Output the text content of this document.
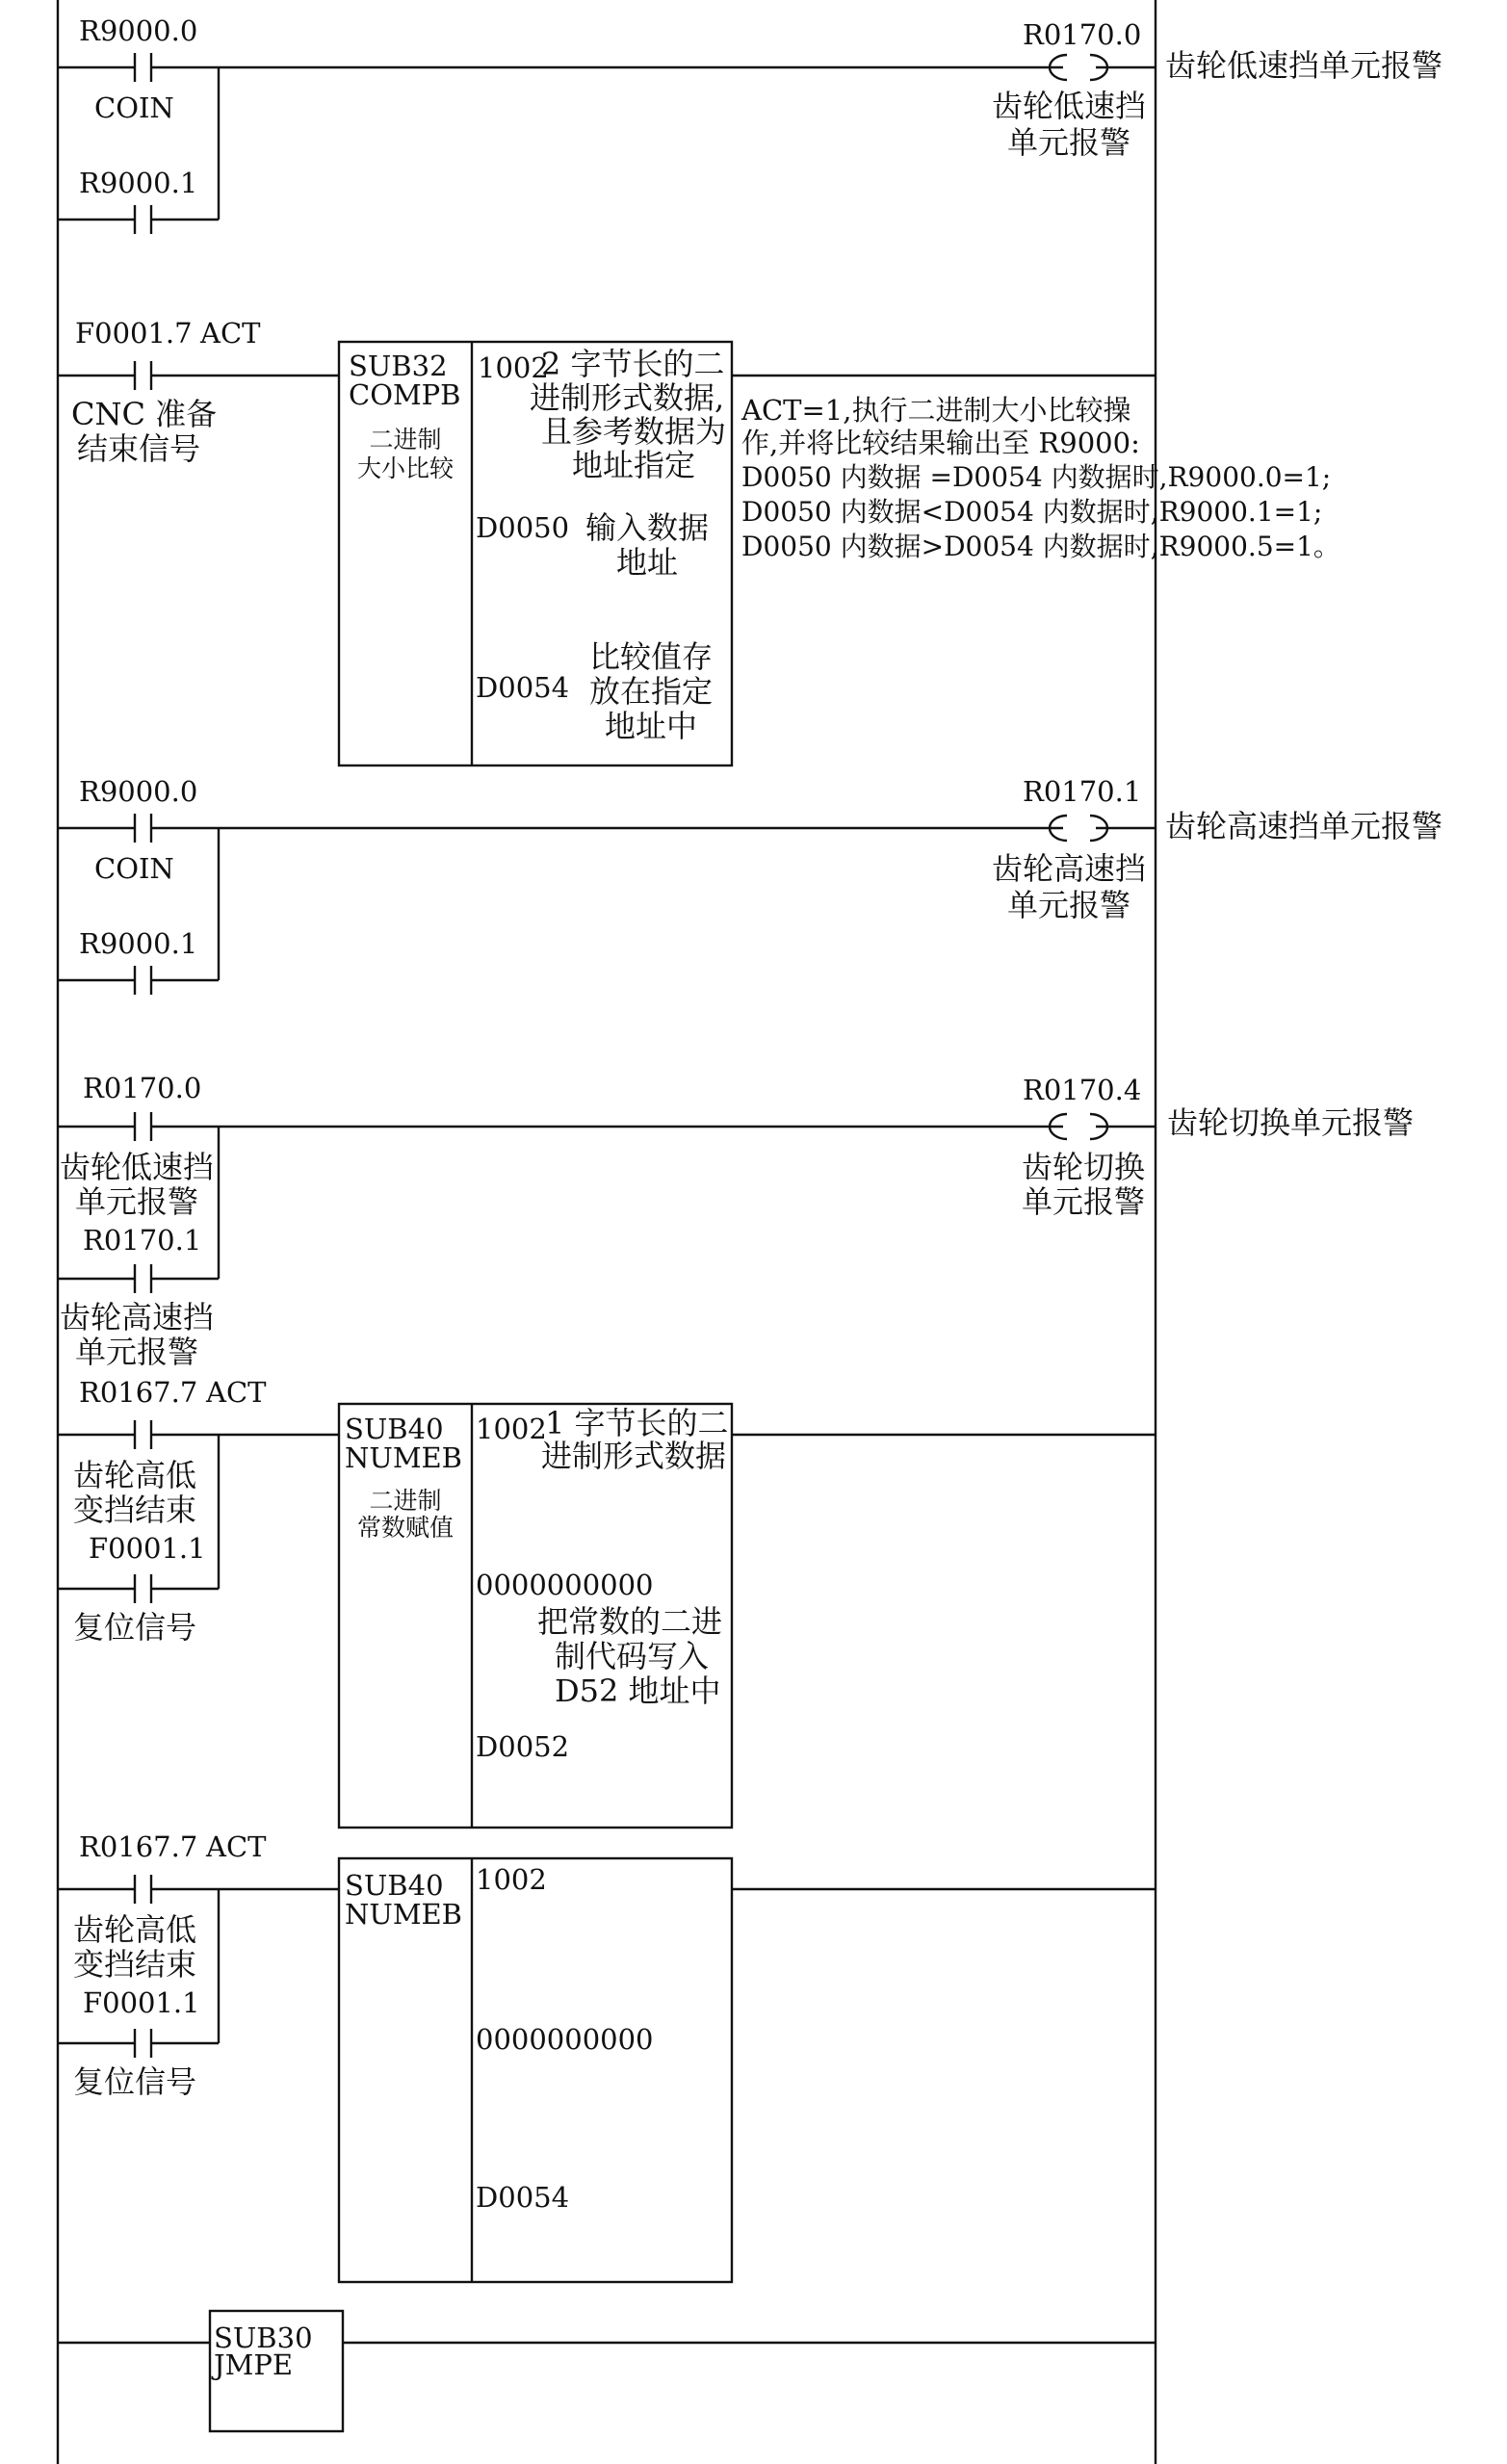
R9000.0
COIN
R9000.1
R0170.0
齿轮低速挡
单元报警
齿轮低速挡单元报警
F0001.7 ACT
CNC 准备
结束信号
SUB32
COMPB
二进制
大小比较
1002
2 字节长的二
进制形式数据,
且参考数据为
地址指定
D0050 输入数据
地址
D0054
比较值存
放在指定
地址中
ACT=1,执行二进制大小比较操
作,并将比较结果输出至 R9000:
D0050 内数据 =D0054 内数据时,R9000.0=1;
D0050 内数据<D0054 内数据时,R9000.1=1;
D0050 内数据>D0054 内数据时,R9000.5=1。
R9000.0
COIN
R9000.1
R0170.1
齿轮高速挡
单元报警
齿轮高速挡单元报警
R0170.0
齿轮低速挡
单元报警
R0170.1
齿轮高速挡
单元报警
R0170.4
齿轮切换
单元报警
齿轮切换单元报警
R0167.7 ACT
齿轮高低
变挡结束
F0001.1
复位信号
SUB40
NUMEB
二进制
常数赋值
1002
1 字节长的二
进制形式数据
0000000000
把常数的二进
制代码写入
D52 地址中
D0052
R0167.7 ACT
齿轮高低
变挡结束
F0001.1
复位信号
SUB40
NUMEB
1002
0000000000
D0054
SUB30
JMPE
